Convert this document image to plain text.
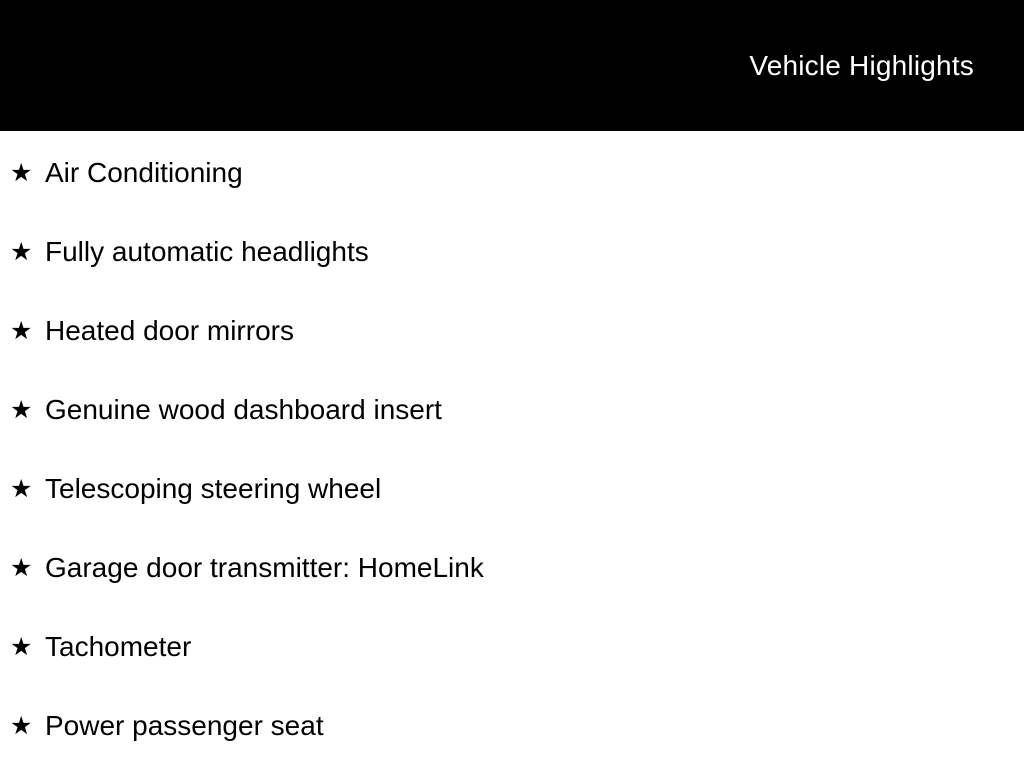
Vehicle Highlights
★ Air Conditioning
★ Fully automatic headlights
★ Heated door mirrors
★ Genuine wood dashboard insert
★ Telescoping steering wheel
★ Garage door transmitter: HomeLink
★ Tachometer
★ Power passenger seat
